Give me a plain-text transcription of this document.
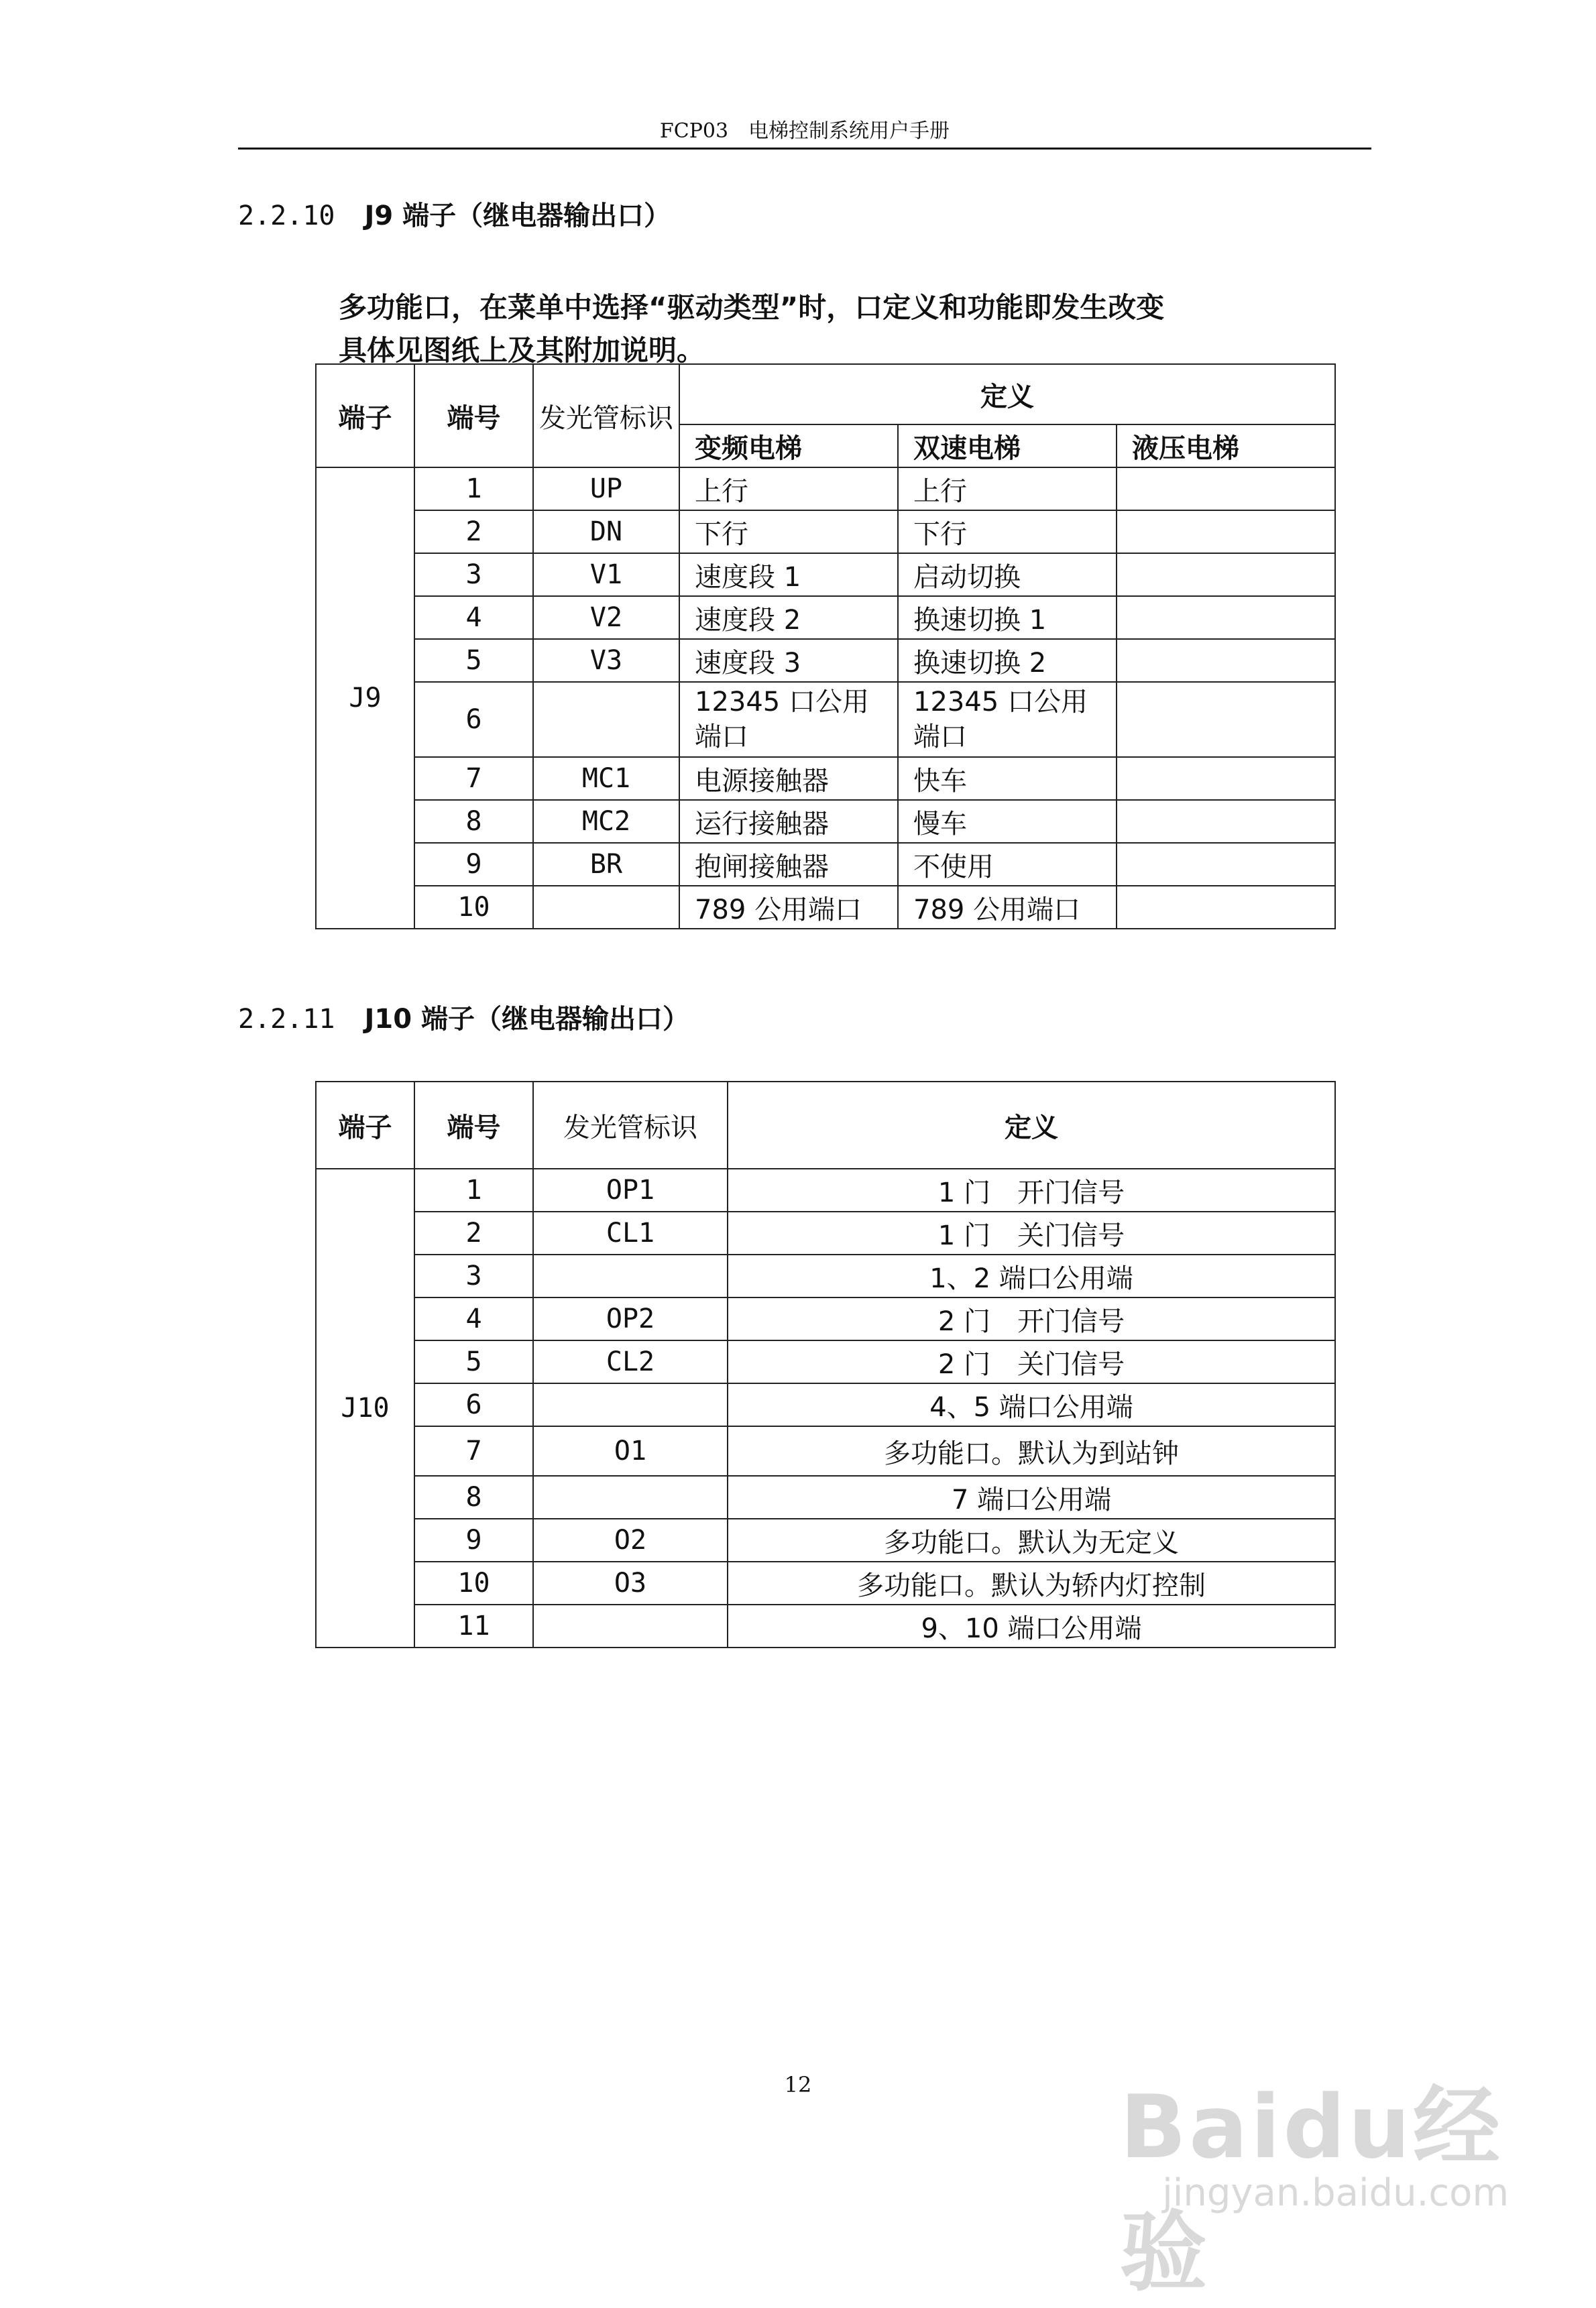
FCP03　电梯控制系统用户手册
2.2.10 J9 端子（继电器输出口）
多功能口，在菜单中选择“驱动类型”时，口定义和功能即发生改变
具体见图纸上及其附加说明。
端子	端号	发光管标识	定义		
			变频电梯	双速电梯	液压电梯
J9	1	UP	上行	上行	
	2	DN	下行	下行	
	3	V1	速度段 1	启动切换	
	4	V2	速度段 2	换速切换 1	
	5	V3	速度段 3	换速切换 2	
	6		12345 口公用端口	12345 口公用端口	
	7	MC1	电源接触器	快车	
	8	MC2	运行接触器	慢车	
	9	BR	抱闸接触器	不使用	
	10		789 公用端口	789 公用端口	
2.2.11 J10 端子（继电器输出口）
端子	端号	发光管标识	定义
J10	1	OP1	1 门　开门信号
	2	CL1	1 门　关门信号
	3		1、2 端口公用端
	4	OP2	2 门　开门信号
	5	CL2	2 门　关门信号
	6		4、5 端口公用端
	7	O1	多功能口。默认为到站钟
	8		7 端口公用端
	9	O2	多功能口。默认为无定义
	10	O3	多功能口。默认为轿内灯控制
	11		9、10 端口公用端
12	Baidu经验
jingyan.baidu.com
